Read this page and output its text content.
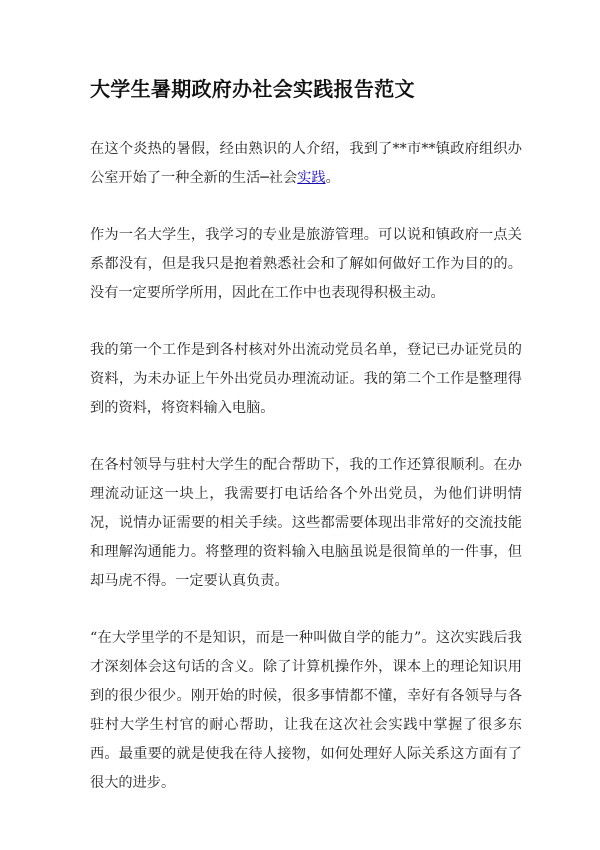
大学生暑期政府办社会实践报告范文

在这个炎热的暑假，经由熟识的人介绍，我到了**市**镇政府组织办公室开始了一种全新的生活─社会实践。

作为一名大学生，我学习的专业是旅游管理。可以说和镇政府一点关系都没有，但是我只是抱着熟悉社会和了解如何做好工作为目的的。没有一定要所学所用，因此在工作中也表现得积极主动。

我的第一个工作是到各村核对外出流动党员名单，登记已办证党员的资料，为未办证上午外出党员办理流动证。我的第二个工作是整理得到的资料，将资料输入电脑。

在各村领导与驻村大学生的配合帮助下，我的工作还算很顺利。在办理流动证这一块上，我需要打电话给各个外出党员，为他们讲明情况，说情办证需要的相关手续。这些都需要体现出非常好的交流技能和理解沟通能力。将整理的资料输入电脑虽说是很简单的一件事，但却马虎不得。一定要认真负责。

“在大学里学的不是知识，而是一种叫做自学的能力”。这次实践后我才深刻体会这句话的含义。除了计算机操作外，课本上的理论知识用到的很少很少。刚开始的时候，很多事情都不懂，幸好有各领导与各驻村大学生村官的耐心帮助，让我在这次社会实践中掌握了很多东西。最重要的就是使我在待人接物，如何处理好人际关系这方面有了很大的进步。
